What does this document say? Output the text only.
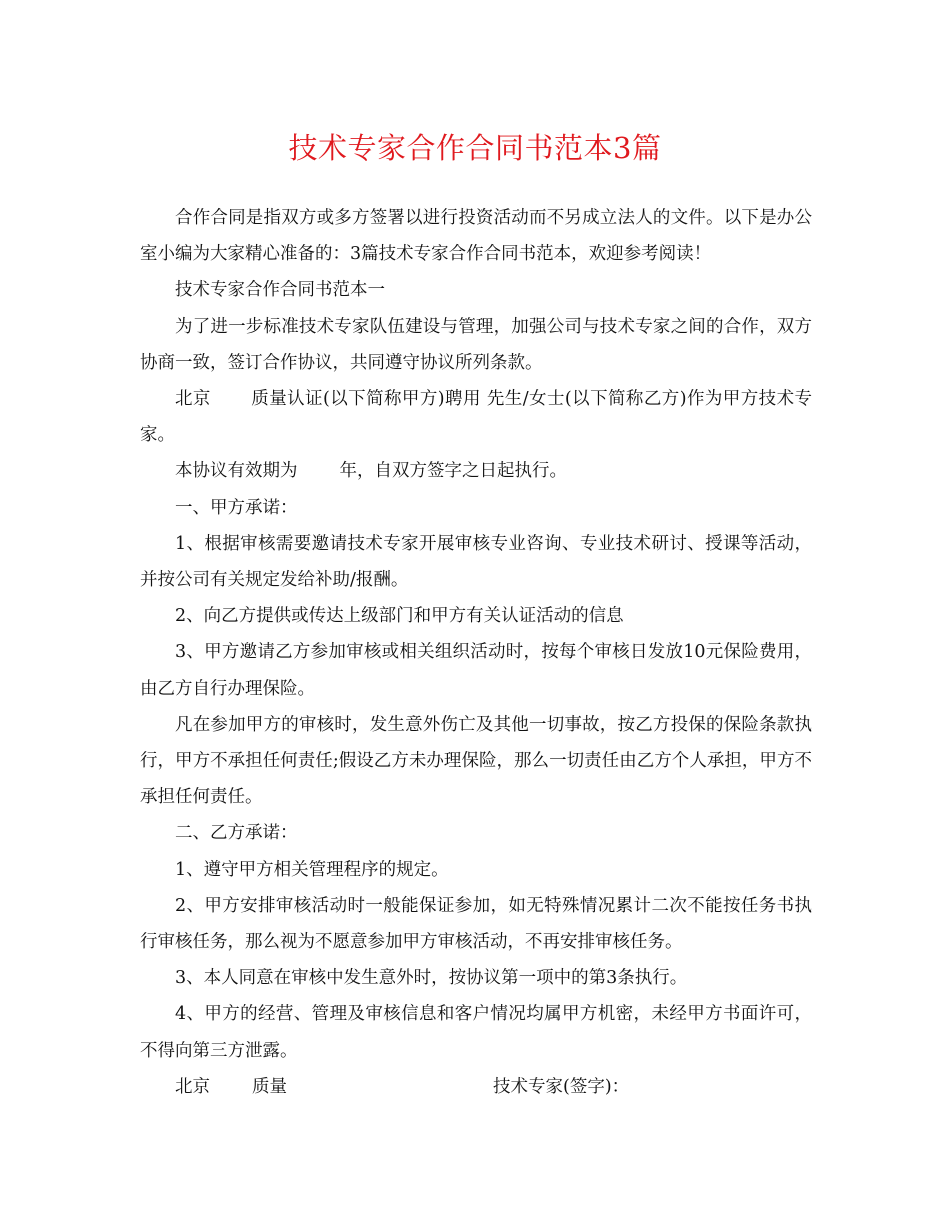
技术专家合作合同书范本3篇

合作合同是指双方或多方签署以进行投资活动而不另成立法人的文件。以下是办公室小编为大家精心准备的：3篇技术专家合作合同书范本，欢迎参考阅读！

技术专家合作合同书范本一

为了进一步标准技术专家队伍建设与管理，加强公司与技术专家之间的合作，双方协商一致，签订合作协议，共同遵守协议所列条款。

北京 质量认证(以下简称甲方)聘用 先生/女士(以下简称乙方)作为甲方技术专家。

本协议有效期为 年，自双方签字之日起执行。

一、甲方承诺：

1、根据审核需要邀请技术专家开展审核专业咨询、专业技术研讨、授课等活动，并按公司有关规定发给补助/报酬。

2、向乙方提供或传达上级部门和甲方有关认证活动的信息

3、甲方邀请乙方参加审核或相关组织活动时，按每个审核日发放10元保险费用，由乙方自行办理保险。

凡在参加甲方的审核时，发生意外伤亡及其他一切事故，按乙方投保的保险条款执行，甲方不承担任何责任;假设乙方未办理保险，那么一切责任由乙方个人承担，甲方不承担任何责任。

二、乙方承诺：

1、遵守甲方相关管理程序的规定。

2、甲方安排审核活动时一般能保证参加，如无特殊情况累计二次不能按任务书执行审核任务，那么视为不愿意参加甲方审核活动，不再安排审核任务。

3、本人同意在审核中发生意外时，按协议第一项中的第3条执行。

4、甲方的经营、管理及审核信息和客户情况均属甲方机密，未经甲方书面许可，不得向第三方泄露。

北京 质量	技术专家(签字)：
